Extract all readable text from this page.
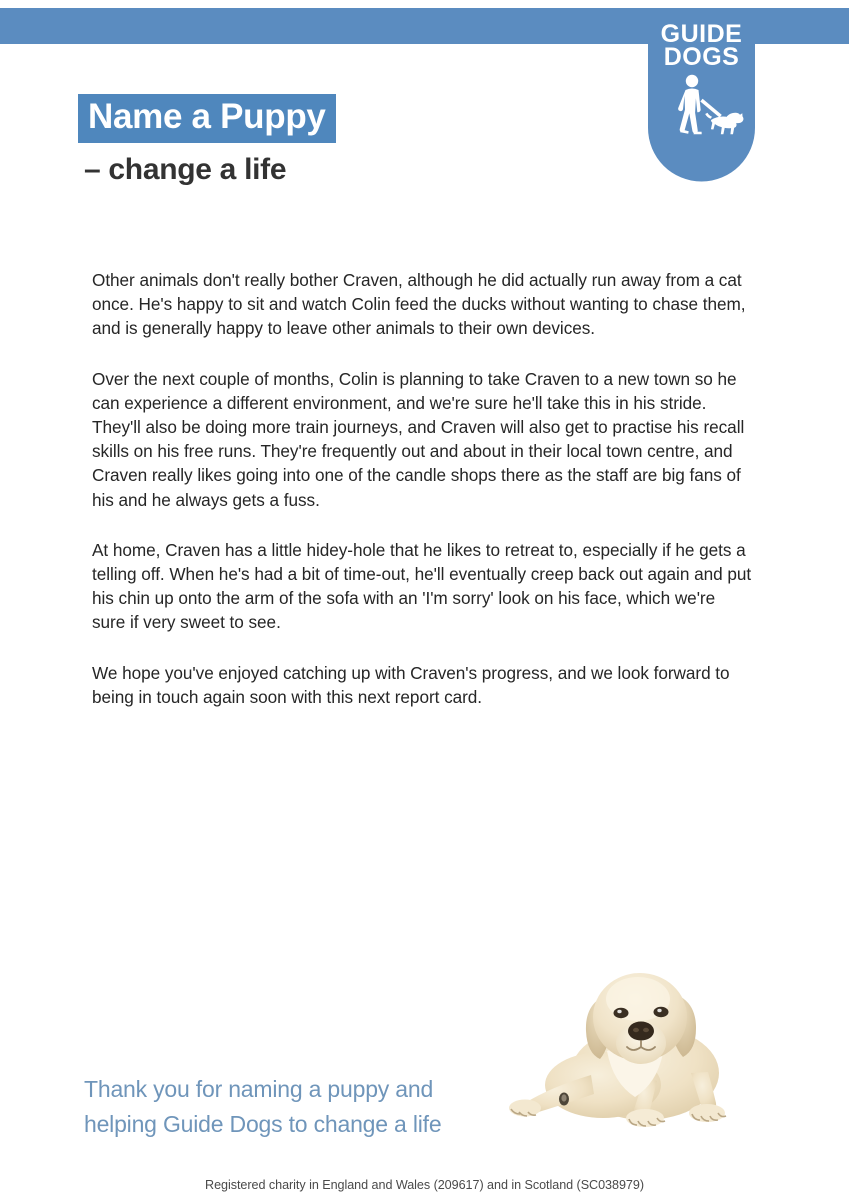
GUIDE
DOGS
Name a Puppy
– change a life

Other animals don't really bother Craven, although he did actually run away from a cat once. He's happy to sit and watch Colin feed the ducks without wanting to chase them, and is generally happy to leave other animals to their own devices.

Over the next couple of months, Colin is planning to take Craven to a new town so he can experience a different environment, and we're sure he'll take this in his stride. They'll also be doing more train journeys, and Craven will also get to practise his recall skills on his free runs. They're frequently out and about in their local town centre, and Craven really likes going into one of the candle shops there as the staff are big fans of his and he always gets a fuss.

At home, Craven has a little hidey-hole that he likes to retreat to, especially if he gets a telling off. When he's had a bit of time-out, he'll eventually creep back out again and put his chin up onto the arm of the sofa with an 'I'm sorry' look on his face, which we're sure if very sweet to see.

We hope you've enjoyed catching up with Craven's progress, and we look forward to being in touch again soon with this next report card.

Thank you for naming a puppy and
helping Guide Dogs to change a life
Registered charity in England and Wales (209617) and in Scotland (SC038979)
